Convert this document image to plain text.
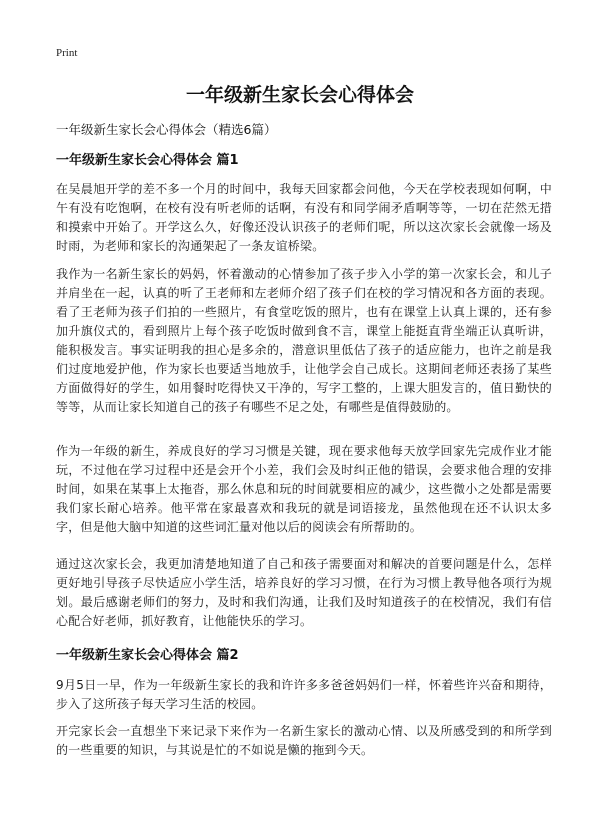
Print
一年级新生家长会心得体会

一年级新生家长会心得体会（精选6篇）

一年级新生家长会心得体会 篇1

在吴晨旭开学的差不多一个月的时间中，我每天回家都会问他，今天在学校表现如何啊，中午有没有吃饱啊，在校有没有听老师的话啊，有没有和同学闹矛盾啊等等，一切在茫然无措和摸索中开始了。开学这么久，好像还没认识孩子的老师们呢，所以这次家长会就像一场及时雨，为老师和家长的沟通架起了一条友谊桥梁。

我作为一名新生家长的妈妈，怀着激动的心情参加了孩子步入小学的第一次家长会，和儿子并肩坐在一起，认真的听了王老师和左老师介绍了孩子们在校的学习情况和各方面的表现。看了王老师为孩子们拍的一些照片，有食堂吃饭的照片，也有在课堂上认真上课的，还有参加升旗仪式的，看到照片上每个孩子吃饭时做到食不言，课堂上能挺直背坐端正认真听讲，能积极发言。事实证明我的担心是多余的，潜意识里低估了孩子的适应能力，也许之前是我们过度地爱护他，作为家长也要适当地放手，让他学会自己成长。这期间老师还表扬了某些方面做得好的学生，如用餐时吃得快又干净的，写字工整的，上课大胆发言的，值日勤快的等等，从而让家长知道自己的孩子有哪些不足之处，有哪些是值得鼓励的。

作为一年级的新生，养成良好的学习习惯是关键，现在要求他每天放学回家先完成作业才能玩，不过他在学习过程中还是会开个小差，我们会及时纠正他的错误，会要求他合理的安排时间，如果在某事上太拖沓，那么休息和玩的时间就要相应的减少，这些微小之处都是需要我们家长耐心培养。他平常在家最喜欢和我玩的就是词语接龙，虽然他现在还不认识太多字，但是他大脑中知道的这些词汇量对他以后的阅读会有所帮助的。

通过这次家长会，我更加清楚地知道了自己和孩子需要面对和解决的首要问题是什么，怎样更好地引导孩子尽快适应小学生活，培养良好的学习习惯，在行为习惯上教导他各项行为规划。最后感谢老师们的努力，及时和我们沟通，让我们及时知道孩子的在校情况，我们有信心配合好老师，抓好教育，让他能快乐的学习。

一年级新生家长会心得体会 篇2

9月5日一早，作为一年级新生家长的我和许许多多爸爸妈妈们一样，怀着些许兴奋和期待，步入了这所孩子每天学习生活的校园。

开完家长会一直想坐下来记录下来作为一名新生家长的激动心情、以及所感受到的和所学到的一些重要的知识，与其说是忙的不如说是懒的拖到今天。
